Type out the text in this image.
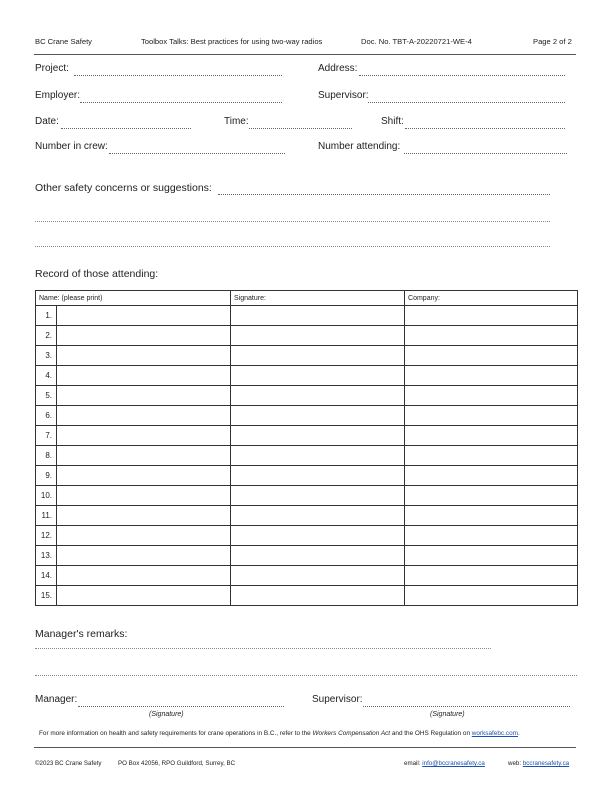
BC Crane Safety	Toolbox Talks: Best practices for using two-way radios	Doc. No. TBT-A-20220721-WE-4	Page 2 of 2
Project:	Address:
Employer:	Supervisor:
Date:	Time:	Shift:
Number in crew:	Number attending:
Other safety concerns or suggestions:
Record of those attending:
Name: (please print)		Signature:	Company:
1.			
2.			
3.			
4.			
5.			
6.			
7.			
8.			
9.			
10.			
11.			
12.			
13.			
14.			
15.			
Manager's remarks:
Manager:
(Signature)
Supervisor:
(Signature)
For more information on health and safety requirements for crane operations in B.C., refer to the Workers Compensation Act and the OHS Regulation on worksafebc.com.
©2023 BC Crane Safety	PO Box 42056, RPO Guildford, Surrey, BC	email: info@bccranesafety.ca	web: bccranesafety.ca
